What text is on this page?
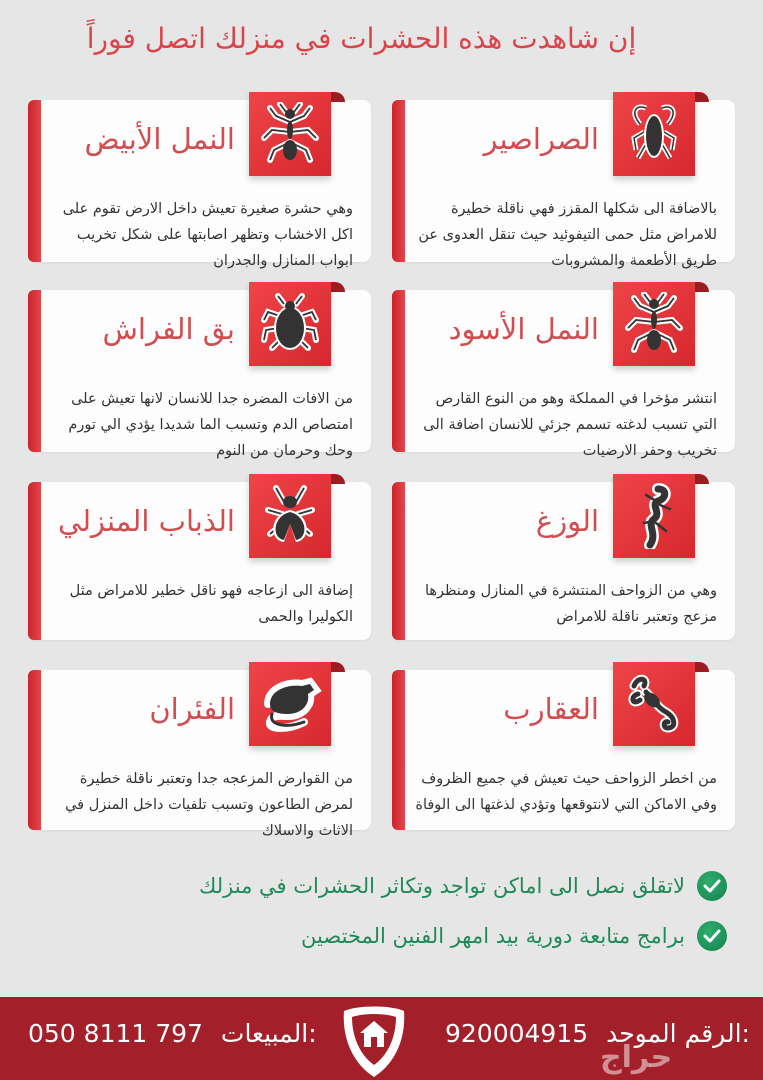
إن شاهدت هذه الحشرات في منزلك اتصل فوراً
الصراصير
بالاضافة الى شكلها المقزز فهي ناقلة خطيرة للامراض مثل حمى التيفوئيد حيث تنقل العدوى عن طريق الأطعمة والمشروبات
النمل الأبيض
وهي حشرة صغيرة تعيش داخل الارض تقوم على اكل الاخشاب وتظهر اصابتها على شكل تخريب ابواب المنازل والجدران
النمل الأسود
انتشر مؤخرا في المملكة وهو من النوع القارص التي تسبب لدغته تسمم جزئي للانسان اضافة الى تخريب وحفر الارضيات
بق الفراش
من الافات المضره جدا للانسان لانها تعيش على امتصاص الدم وتسبب الما شديدا يؤدي الي تورم وحك وحرمان من النوم
الوزغ
وهي من الزواحف المنتشرة في المنازل ومنظرها مزعج وتعتبر ناقلة للامراض
الذباب المنزلي
إضافة الى ازعاجه فهو ناقل خطير للامراض مثل الكوليرا والحمى
العقارب
من اخطر الزواحف حيث تعيش في جميع الظروف وفي الاماكن التي لانتوقعها وتؤدي لذغتها الى الوفاة
الفئران
من القوارض المزعجه جدا وتعتبر ناقلة خطيرة لمرض الطاعون وتسبب تلفيات داخل المنزل في الاثاث والاسلاك
لاتقلق نصل الى اماكن تواجد وتكاثر الحشرات في منزلك
برامج متابعة دورية بيد امهر الفنين المختصين
050 8111 797 المبيعات:	920004915 الرقم الموحد:
حراج
